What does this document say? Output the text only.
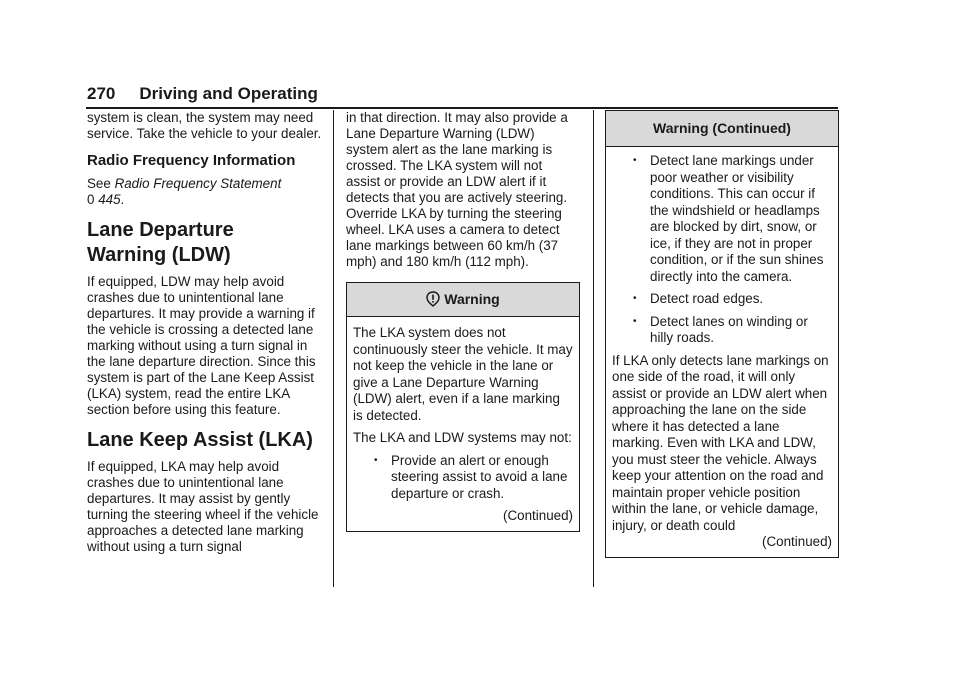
270 Driving and Operating

system is clean, the system may need service. Take the vehicle to your dealer.

Radio Frequency Information

See Radio Frequency Statement
0 445.

Lane Departure
Warning (LDW)

If equipped, LDW may help avoid crashes due to unintentional lane departures. It may provide a warning if the vehicle is crossing a detected lane marking without using a turn signal in the lane departure direction. Since this system is part of the Lane Keep Assist (LKA) system, read the entire LKA section before using this feature.

Lane Keep Assist (LKA)

If equipped, LKA may help avoid crashes due to unintentional lane departures. It may assist by gently turning the steering wheel if the vehicle approaches a detected lane marking without using a turn signal

in that direction. It may also provide a Lane Departure Warning (LDW) system alert as the lane marking is crossed. The LKA system will not assist or provide an LDW alert if it detects that you are actively steering. Override LKA by turning the steering wheel. LKA uses a camera to detect lane markings between 60 km/h (37 mph) and 180 km/h (112 mph).

Warning

The LKA system does not continuously steer the vehicle. It may not keep the vehicle in the lane or give a Lane Departure Warning (LDW) alert, even if a lane marking is detected.

The LKA and LDW systems may not:

• Provide an alert or enough steering assist to avoid a lane departure or crash.
(Continued)
Warning (Continued)
• Detect lane markings under poor weather or visibility conditions. This can occur if the windshield or headlamps are blocked by dirt, snow, or ice, if they are not in proper condition, or if the sun shines directly into the camera.
• Detect road edges.
• Detect lanes on winding or hilly roads.

If LKA only detects lane markings on one side of the road, it will only assist or provide an LDW alert when approaching the lane on the side where it has detected a lane marking. Even with LKA and LDW, you must steer the vehicle. Always keep your attention on the road and maintain proper vehicle position within the lane, or vehicle damage, injury, or death could

(Continued)
